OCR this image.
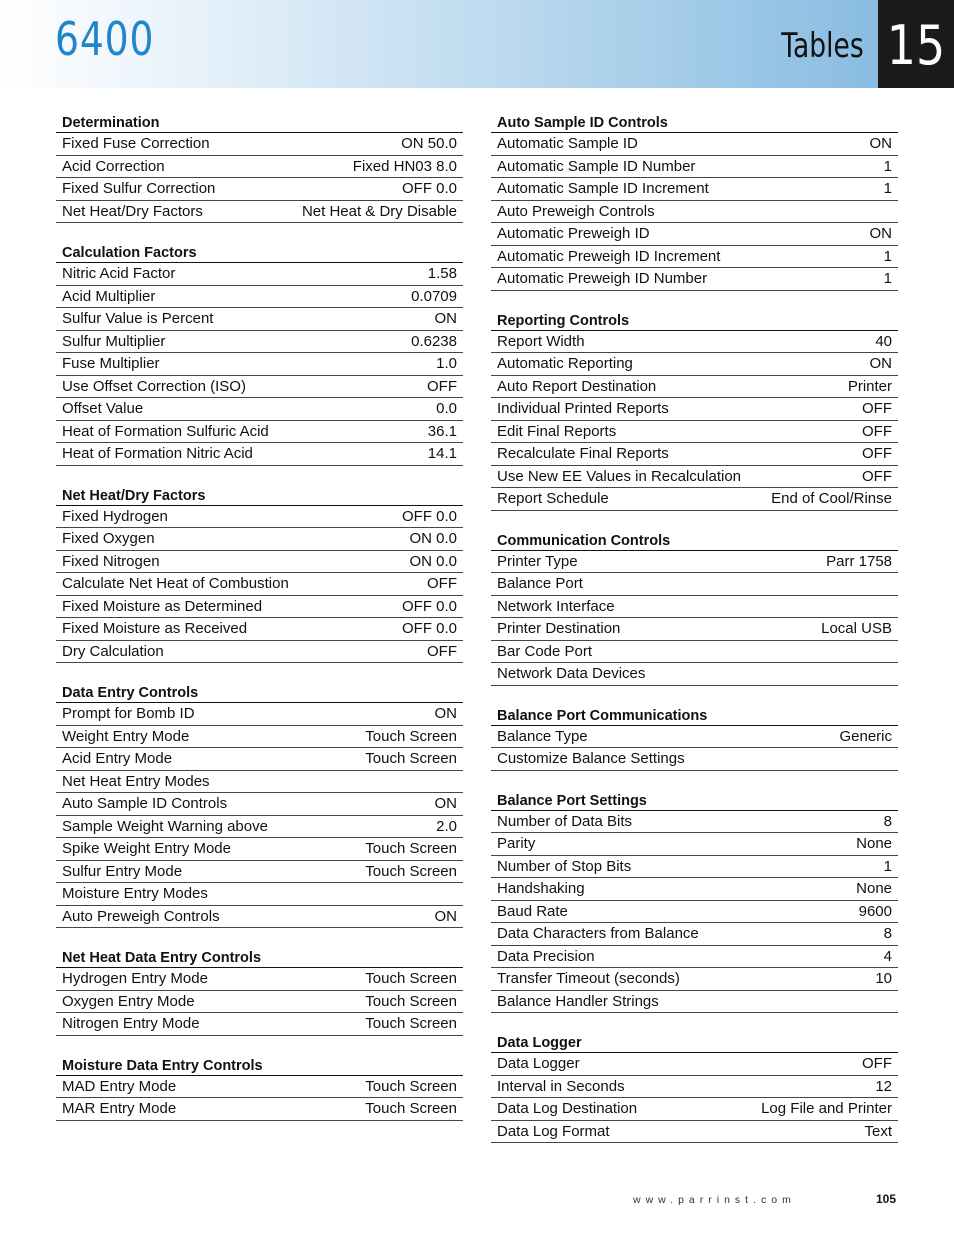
6400	Tables 15
Determination
Fixed Fuse Correction	ON 50.0
Acid Correction	Fixed HN03 8.0
Fixed Sulfur Correction	OFF 0.0
Net Heat/Dry Factors	Net Heat & Dry Disable
Calculation Factors
Nitric Acid Factor	1.58
Acid Multiplier	0.0709
Sulfur Value is Percent	ON
Sulfur Multiplier	0.6238
Fuse Multiplier	1.0
Use Offset Correction (ISO)	OFF
Offset Value	0.0
Heat of Formation Sulfuric Acid	36.1
Heat of Formation Nitric Acid	14.1
Net Heat/Dry Factors
Fixed Hydrogen	OFF 0.0
Fixed Oxygen	ON 0.0
Fixed Nitrogen	ON 0.0
Calculate Net Heat of Combustion	OFF
Fixed Moisture as Determined	OFF 0.0
Fixed Moisture as Received	OFF 0.0
Dry Calculation	OFF
Data Entry Controls
Prompt for Bomb ID	ON
Weight Entry Mode	Touch Screen
Acid Entry Mode	Touch Screen
Net Heat Entry Modes
Auto Sample ID Controls	ON
Sample Weight Warning above	2.0
Spike Weight Entry Mode	Touch Screen
Sulfur Entry Mode	Touch Screen
Moisture Entry Modes
Auto Preweigh Controls	ON
Net Heat Data Entry Controls
Hydrogen Entry Mode	Touch Screen
Oxygen Entry Mode	Touch Screen
Nitrogen Entry Mode	Touch Screen
Moisture Data Entry Controls
MAD Entry Mode	Touch Screen
MAR Entry Mode	Touch Screen
Auto Sample ID Controls
Automatic Sample ID	ON
Automatic Sample ID Number	1
Automatic Sample ID Increment	1
Auto Preweigh Controls
Automatic Preweigh ID	ON
Automatic Preweigh ID Increment	1
Automatic Preweigh ID Number	1
Reporting Controls
Report Width	40
Automatic Reporting	ON
Auto Report Destination	Printer
Individual Printed Reports	OFF
Edit Final Reports	OFF
Recalculate Final Reports	OFF
Use New EE Values in Recalculation	OFF
Report Schedule	End of Cool/Rinse
Communication Controls
Printer Type	Parr 1758
Balance Port
Network Interface
Printer Destination	Local USB
Bar Code Port
Network Data Devices
Balance Port Communications
Balance Type	Generic
Customize Balance Settings
Balance Port Settings
Number of Data Bits	8
Parity	None
Number of Stop Bits	1
Handshaking	None
Baud Rate	9600
Data Characters from Balance	8
Data Precision	4
Transfer Timeout (seconds)	10
Balance Handler Strings
Data Logger
Data Logger	OFF
Interval in Seconds	12
Data Log Destination	Log File and Printer
Data Log Format	Text
www.parrinst.com	105
